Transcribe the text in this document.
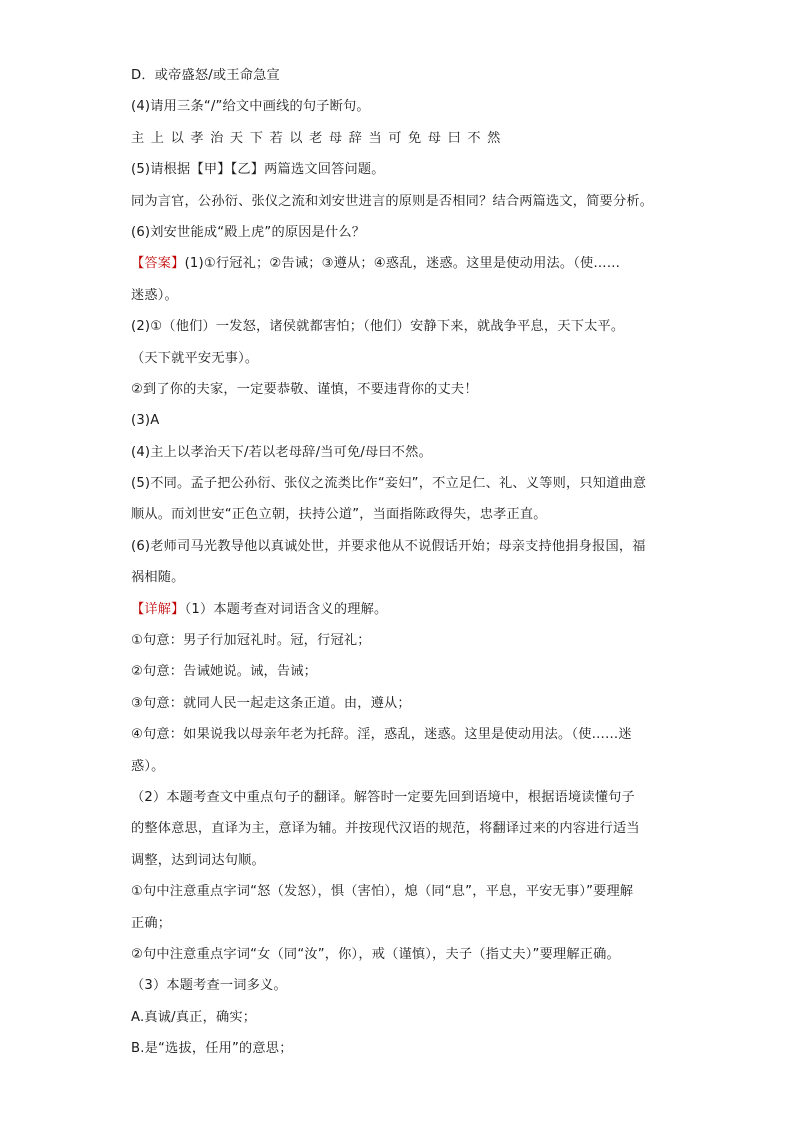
D．或帝盛怒/或王命急宣
(4)请用三条“/”给文中画线的句子断句。
主上以孝治天下若以老母辞当可免母曰不然
(5)请根据【甲】【乙】两篇选文回答问题。
同为言官，公孙衍、张仪之流和刘安世进言的原则是否相同？结合两篇选文，简要分析。
(6)刘安世能成“殿上虎”的原因是什么？
【答案】(1)①行冠礼；②告诫；③遵从；④惑乱，迷惑。这里是使动用法。（使……
迷惑）。
(2)①（他们）一发怒，诸侯就都害怕；（他们）安静下来，就战争平息，天下太平。
（天下就平安无事）。
②到了你的夫家，一定要恭敬、谨慎，不要违背你的丈夫！
(3)A
(4)主上以孝治天下/若以老母辞/当可免/母曰不然。
(5)不同。孟子把公孙衍、张仪之流类比作“妾妇”，不立足仁、礼、义等则，只知道曲意
顺从。而刘世安“正色立朝，扶持公道”，当面指陈政得失，忠孝正直。
(6)老师司马光教导他以真诚处世，并要求他从不说假话开始；母亲支持他捐身报国，福
祸相随。
【详解】（1）本题考查对词语含义的理解。
①句意：男子行加冠礼时。冠，行冠礼；
②句意：告诫她说。诫，告诫；
③句意：就同人民一起走这条正道。由，遵从；
④句意：如果说我以母亲年老为托辞。淫，惑乱，迷惑。这里是使动用法。（使……迷
惑）。
（2）本题考查文中重点句子的翻译。解答时一定要先回到语境中，根据语境读懂句子
的整体意思，直译为主，意译为辅。并按现代汉语的规范，将翻译过来的内容进行适当
调整，达到词达句顺。
①句中注意重点字词“怒（发怒），惧（害怕），熄（同“息”，平息，平安无事）”要理解
正确；
②句中注意重点字词“女（同“汝”，你），戒（谨慎），夫子（指丈夫）”要理解正确。
（3）本题考查一词多义。
A.真诚/真正，确实；
B.是“选拔，任用”的意思；
